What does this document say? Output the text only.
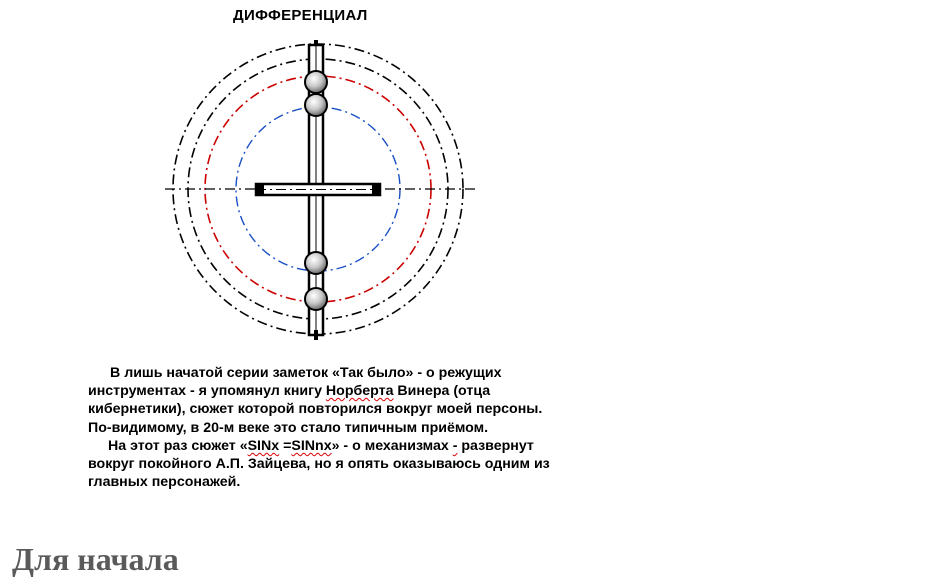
ДИФФЕРЕНЦИАЛ

В лишь начатой серии заметок «Так было» - о режущих инструментах - я упомянул книгу Норберта Винера (отца кибернетики), сюжет которой повторился вокруг моей персоны. По-видимому, в 20-м веке это стало типичным приёмом.

На этот раз сюжет «SINx =SINnx» - о механизмах - развернут вокруг покойного А.П. Зайцева, но я опять оказываюсь одним из главных персонажей.

Для начала
